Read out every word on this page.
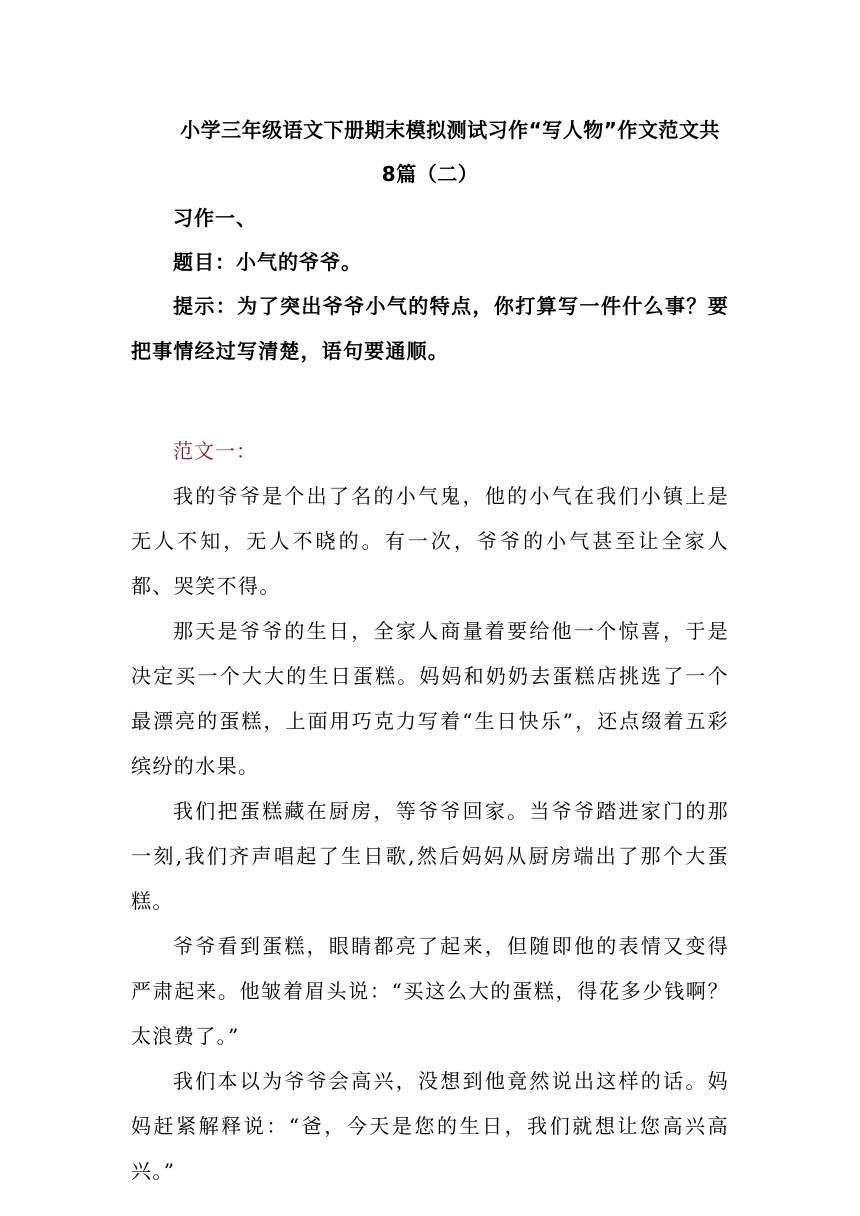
小学三年级语文下册期末模拟测试习作“写人物”作文范文共

8篇（二）

习作一、

题目：小气的爷爷。

提示：为了突出爷爷小气的特点，你打算写一件什么事？要把事情经过写清楚，语句要通顺。

范文一：

我的爷爷是个出了名的小气鬼，他的小气在我们小镇上是无人不知，无人不晓的。有一次，爷爷的小气甚至让全家人都、哭笑不得。

那天是爷爷的生日，全家人商量着要给他一个惊喜，于是决定买一个大大的生日蛋糕。妈妈和奶奶去蛋糕店挑选了一个最漂亮的蛋糕，上面用巧克力写着“生日快乐”，还点缀着五彩缤纷的水果。

我们把蛋糕藏在厨房，等爷爷回家。当爷爷踏进家门的那一刻,我们齐声唱起了生日歌,然后妈妈从厨房端出了那个大蛋糕。

爷爷看到蛋糕，眼睛都亮了起来，但随即他的表情又变得严肃起来。他皱着眉头说：“买这么大的蛋糕，得花多少钱啊？太浪费了。”

我们本以为爷爷会高兴，没想到他竟然说出这样的话。妈妈赶紧解释说：“爸，今天是您的生日，我们就想让您高兴高兴。”
